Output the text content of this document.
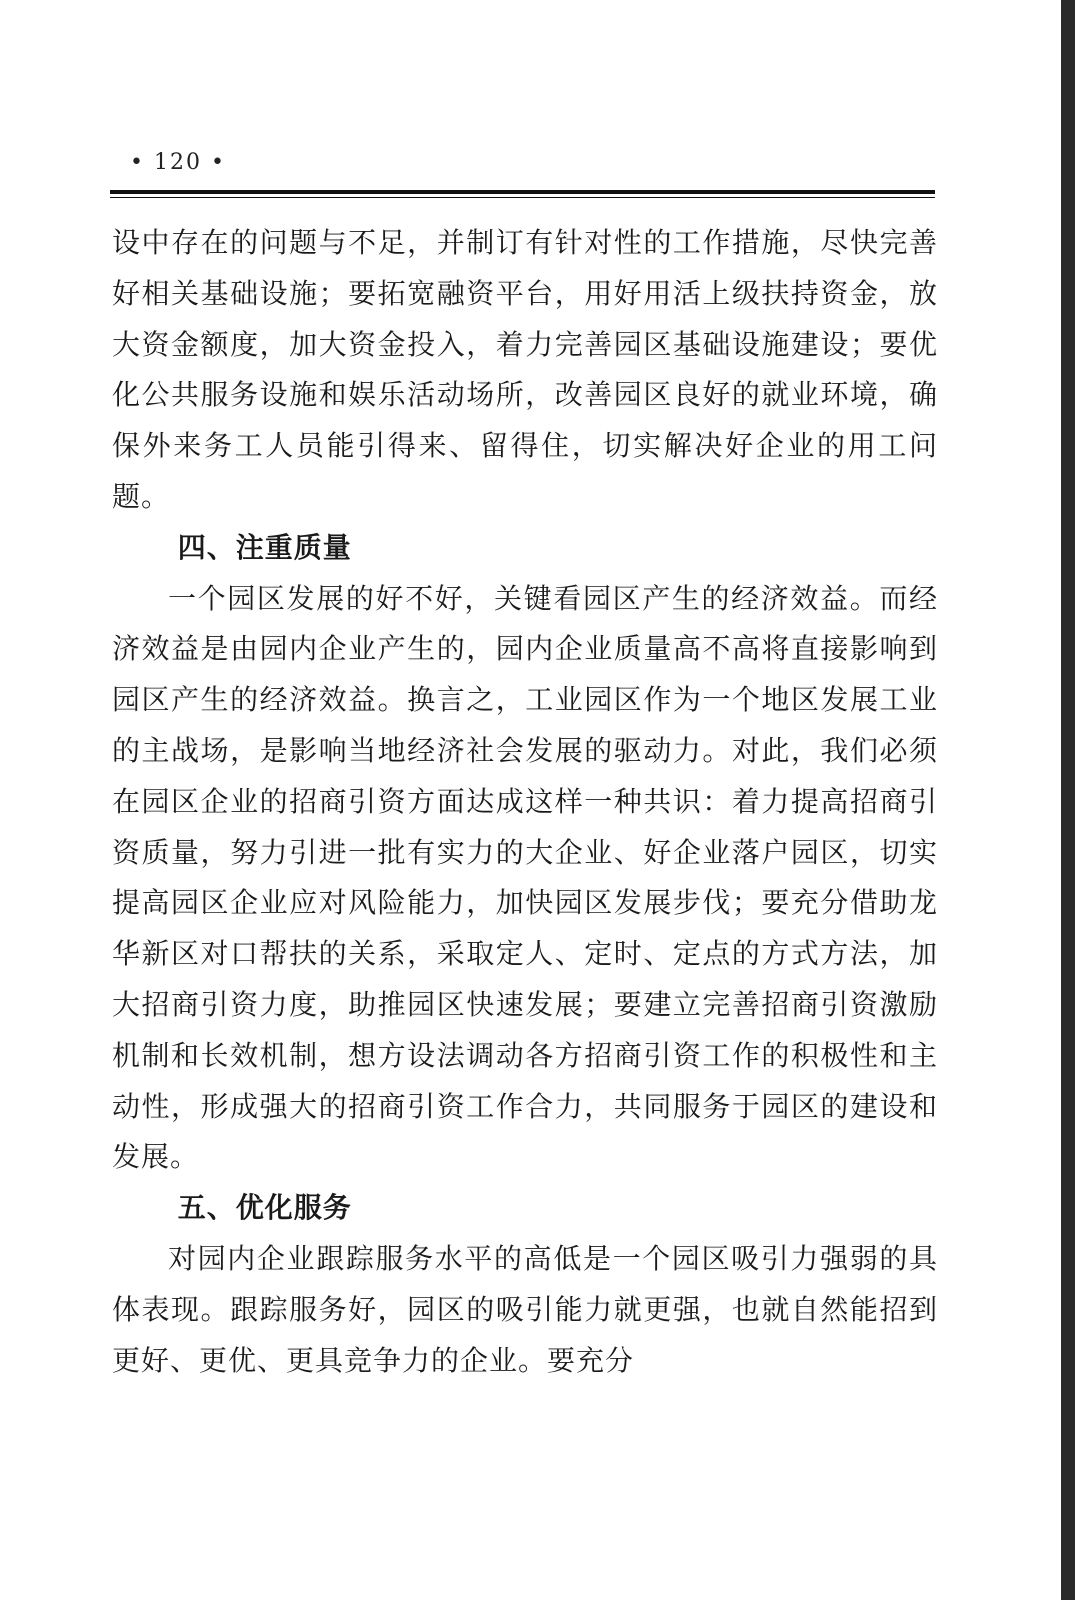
• 120 •

设中存在的问题与不足，并制订有针对性的工作措施，尽快完善好相关基础设施；要拓宽融资平台，用好用活上级扶持资金，放大资金额度，加大资金投入，着力完善园区基础设施建设；要优化公共服务设施和娱乐活动场所，改善园区良好的就业环境，确保外来务工人员能引得来、留得住，切实解决好企业的用工问题。

四、注重质量

一个园区发展的好不好，关键看园区产生的经济效益。而经济效益是由园内企业产生的，园内企业质量高不高将直接影响到园区产生的经济效益。换言之，工业园区作为一个地区发展工业的主战场，是影响当地经济社会发展的驱动力。对此，我们必须在园区企业的招商引资方面达成这样一种共识：着力提高招商引资质量，努力引进一批有实力的大企业、好企业落户园区，切实提高园区企业应对风险能力，加快园区发展步伐；要充分借助龙华新区对口帮扶的关系，采取定人、定时、定点的方式方法，加大招商引资力度，助推园区快速发展；要建立完善招商引资激励机制和长效机制，想方设法调动各方招商引资工作的积极性和主动性，形成强大的招商引资工作合力，共同服务于园区的建设和发展。

五、优化服务

对园内企业跟踪服务水平的高低是一个园区吸引力强弱的具体表现。跟踪服务好，园区的吸引能力就更强，也就自然能招到更好、更优、更具竞争力的企业。要充分
